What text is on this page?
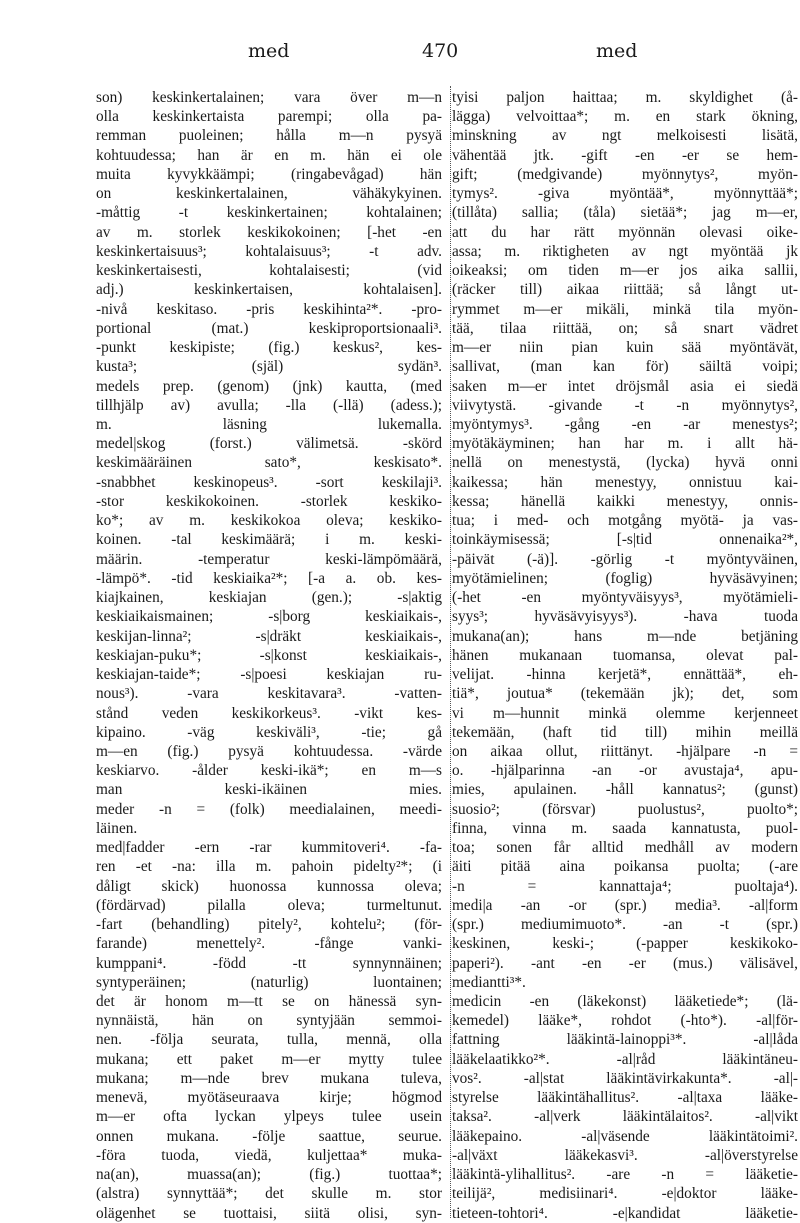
med	470	med
son) keskinkertalainen; vara över m—n
olla keskinkertaista parempi; olla pa-
remman puoleinen; hålla m—n pysyä
kohtuudessa; han är en m. hän ei ole
muita kyvykkäämpi; (ringabevågad) hän
on keskinkertalainen, vähäkykyinen.
-måttig -t keskinkertainen; kohtalainen;
av m. storlek keskikokoinen; [-het -en
keskinkertaisuus³; kohtalaisuus³; -t adv.
keskinkertaisesti, kohtalaisesti; (vid
adj.) keskinkertaisen, kohtalaisen].
-nivå keskitaso. -pris keskihinta²*. -pro-
portional (mat.) keskiproportsionaali³.
-punkt keskipiste; (fig.) keskus², kes-
kusta³; (själ) sydän³.
medels prep. (genom) (jnk) kautta, (med
tillhjälp av) avulla; -lla (-llä) (adess.);
m. läsning lukemalla.
medel|skog (forst.) välimetsä. -skörd
keskimääräinen sato*, keskisato*.
-snabbhet keskinopeus³. -sort keskilaji³.
-stor keskikokoinen. -storlek keskiko-
ko*; av m. keskikokoa oleva; keskiko-
koinen. -tal keskimäärä; i m. keski-
määrin. -temperatur keski-lämpömäärä,
-lämpö*. -tid keskiaika²*; [-a a. ob. kes-
kiajkainen, keskiajan (gen.); -s|aktig
keskiaikaismainen; -s|borg keskiaikais-,
keskijan-linna²; -s|dräkt keskiaikais-,
keskiajan-puku*; -s|konst keskiaikais-,
keskiajan-taide*; -s|poesi keskiajan ru-
nous³). -vara keskitavara³. -vatten-
stånd veden keskikorkeus³. -vikt kes-
kipaino. -väg keskiväli³, -tie; gå
m—en (fig.) pysyä kohtuudessa. -värde
keskiarvo. -ålder keski-ikä*; en m—s
man keski-ikäinen mies.
meder -n = (folk) meedialainen, meedi-
läinen.
med|fadder -ern -rar kummitoveri⁴. -fa-
ren -et -na: illa m. pahoin pidelty²*; (i
dåligt skick) huonossa kunnossa oleva;
(fördärvad) pilalla oleva; turmeltunut.
-fart (behandling) pitely², kohtelu²; (för-
farande) menettely². -fånge vanki-
kumppani⁴. -född -tt synnynnäinen;
syntyperäinen; (naturlig) luontainen;
det är honom m—tt se on hänessä syn-
nynnäistä, hän on syntyjään semmoi-
nen. -följa seurata, tulla, mennä, olla
mukana; ett paket m—er mytty tulee
mukana; m—nde brev mukana tuleva,
menevä, myötäseuraava kirje; högmod
m—er ofta lyckan ylpeys tulee usein
onnen mukana. -följe saattue, seurue.
-föra tuoda, viedä, kuljettaa* muka-
na(an), muassa(an); (fig.) tuottaa*;
(alstra) synnyttää*; det skulle m. stor
olägenhet se tuottaisi, siitä olisi, syn-
tyisi paljon haittaa; m. skyldighet (å-
lägga) velvoittaa*; m. en stark ökning,
minskning av ngt melkoisesti lisätä,
vähentää jtk. -gift -en -er se hem-
gift; (medgivande) myönnytys², myön-
tymys². -giva myöntää*, myönnyttää*;
(tillåta) sallia; (tåla) sietää*; jag m—er,
att du har rätt myönnän olevasi oike-
assa; m. riktigheten av ngt myöntää jk
oikeaksi; om tiden m—er jos aika sallii,
(räcker till) aikaa riittää; så långt ut-
rymmet m—er mikäli, minkä tila myön-
tää, tilaa riittää, on; så snart vädret
m—er niin pian kuin sää myöntävät,
sallivat, (man kan för) säiltä voipi;
saken m—er intet dröjsmål asia ei siedä
viivytystä. -givande -t -n myönnytys²,
myöntymys³. -gång -en -ar menestys²;
myötäkäyminen; han har m. i allt hä-
nellä on menestystä, (lycka) hyvä onni
kaikessa; hän menestyy, onnistuu kai-
kessa; hänellä kaikki menestyy, onnis-
tua; i med- och motgång myötä- ja vas-
toinkäymisessä; [-s|tid onnenaika²*,
-päivät (-ä)]. -görlig -t myöntyväinen,
myötämielinen; (foglig) hyväsävyinen;
(-het -en myöntyväisyys³, myötämieli-
syys³; hyväsävyisyys³). -hava tuoda
mukana(an); hans m—nde betjäning
hänen mukanaan tuomansa, olevat pal-
velijat. -hinna kerjetä*, ennättää*, eh-
tiä*, joutua* (tekemään jk); det, som
vi m—hunnit minkä olemme kerjenneet
tekemään, (haft tid till) mihin meillä
on aikaa ollut, riittänyt. -hjälpare -n =
o. -hjälparinna -an -or avustaja⁴, apu-
mies, apulainen. -håll kannatus²; (gunst)
suosio²; (försvar) puolustus², puolto*;
finna, vinna m. saada kannatusta, puol-
toa; sonen får alltid medhåll av modern
äiti pitää aina poikansa puolta; (-are
-n = kannattaja⁴; puoltaja⁴).
medi|a -an -or (spr.) media³. -al|form
(spr.) mediumimuoto*. -an -t (spr.)
keskinen, keski-; (-papper keskikoko-
paperi²). -ant -en -er (mus.) välisävel,
mediantti³*.
medicin -en (läkekonst) lääketiede*; (lä-
kemedel) lääke*, rohdot (-hto*). -al|för-
fattning lääkintä-lainoppi³*. -al|låda
lääkelaatikko²*. -al|råd lääkintäneu-
vos². -al|stat lääkintävirkakunta*. -al|-
styrelse lääkintähallitus². -al|taxa lääke-
taksa². -al|verk lääkintälaitos². -al|vikt
lääkepaino. -al|väsende lääkintätoimi².
-al|växt lääkekasvi³. -al|överstyrelse
lääkintä-ylihallitus². -are -n = lääketie-
teilijä², medisiinari⁴. -e|doktor lääke-
tieteen-tohtori⁴. -e|kandidat lääketie-
